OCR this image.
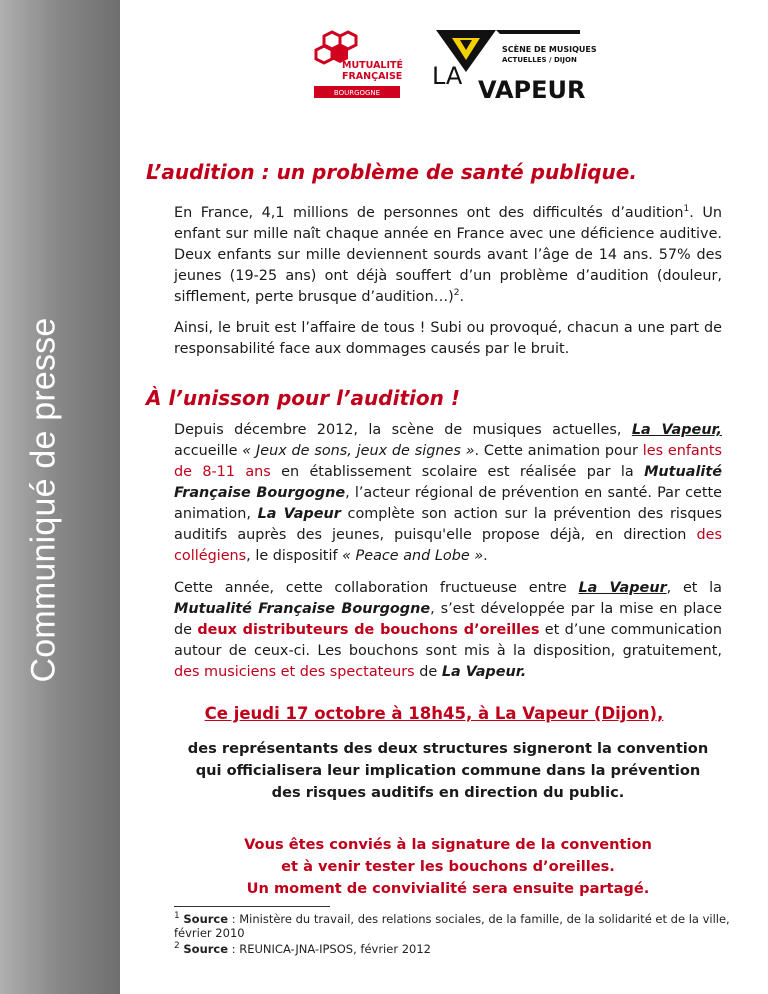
Communiqué de presse
MUTUALITÉ
FRANÇAISE
BOURGOGNE
SCÈNE DE MUSIQUES
ACTUELLES / DIJON
LA VAPEUR
L’audition : un problème de santé publique.

En France, 4,1 millions de personnes ont des difficultés d’audition$^1$. Un enfant sur mille naît chaque année en France avec une déficience auditive. Deux enfants sur mille deviennent sourds avant l’âge de 14 ans. 57% des jeunes (19-25 ans) ont déjà souffert d’un problème d’audition (douleur, sifflement, perte brusque d’audition…)$^2$.

Ainsi, le bruit est l’affaire de tous ! Subi ou provoqué, chacun a une part de responsabilité face aux dommages causés par le bruit.

À l’unisson pour l’audition !

Depuis décembre 2012, la scène de musiques actuelles, La Vapeur, accueille « Jeux de sons, jeux de signes ». Cette animation pour les enfants de 8-11 ans en établissement scolaire est réalisée par la Mutualité Française Bourgogne, l’acteur régional de prévention en santé. Par cette animation, La Vapeur complète son action sur la prévention des risques auditifs auprès des jeunes, puisqu'elle propose déjà, en direction des collégiens, le dispositif « Peace and Lobe ».

Cette année, cette collaboration fructueuse entre La Vapeur, et la Mutualité Française Bourgogne, s’est développée par la mise en place de deux distributeurs de bouchons d’oreilles et d’une communication autour de ceux-ci. Les bouchons sont mis à la disposition, gratuitement, des musiciens et des spectateurs de La Vapeur.

Ce jeudi 17 octobre à 18h45, à La Vapeur (Dijon),
des représentants des deux structures signeront la convention
qui officialisera leur implication commune dans la prévention
des risques auditifs en direction du public.
Vous êtes conviés à la signature de la convention
et à venir tester les bouchons d’oreilles.
Un moment de convivialité sera ensuite partagé.
$^1$ Source : Ministère du travail, des relations sociales, de la famille, de la solidarité et de la ville, février 2010
$^2$ Source : REUNICA-JNA-IPSOS, février 2012
